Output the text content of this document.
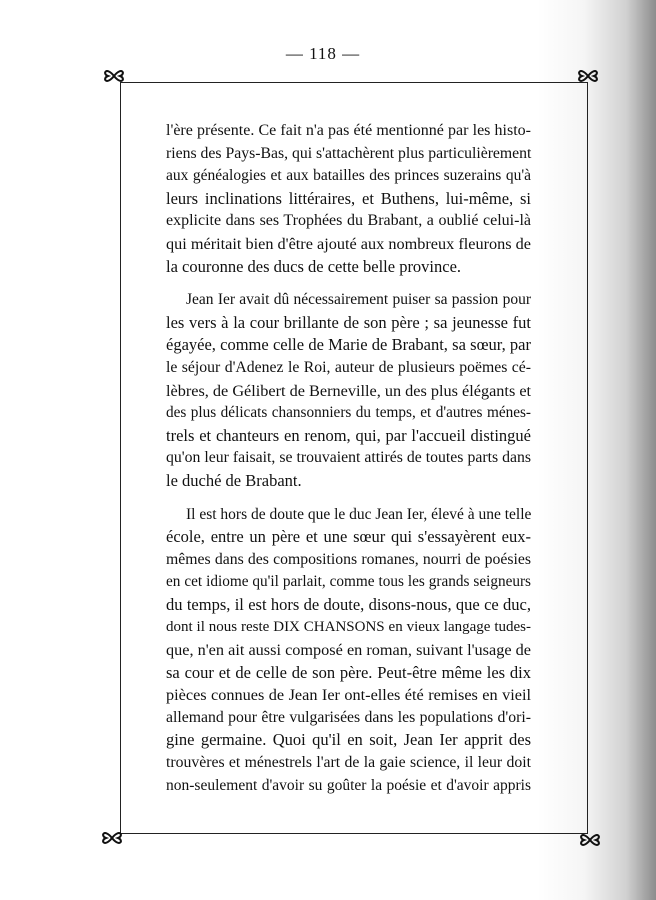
— 118 —
l'ère présente. Ce fait n'a pas été mentionné par les histo-
riens des Pays-Bas, qui s'attachèrent plus particulièrement
aux généalogies et aux batailles des princes suzerains qu'à
leurs inclinations littéraires, et Buthens, lui-même, si
explicite dans ses Trophées du Brabant, a oublié celui-là
qui méritait bien d'être ajouté aux nombreux fleurons de
la couronne des ducs de cette belle province.
Jean Ier avait dû nécessairement puiser sa passion pour
les vers à la cour brillante de son père ; sa jeunesse fut
égayée, comme celle de Marie de Brabant, sa sœur, par
le séjour d'Adenez le Roi, auteur de plusieurs poëmes cé-
lèbres, de Gélibert de Berneville, un des plus élégants et
des plus délicats chansonniers du temps, et d'autres ménes-
trels et chanteurs en renom, qui, par l'accueil distingué
qu'on leur faisait, se trouvaient attirés de toutes parts dans
le duché de Brabant.
Il est hors de doute que le duc Jean Ier, élevé à une telle
école, entre un père et une sœur qui s'essayèrent eux-
mêmes dans des compositions romanes, nourri de poésies
en cet idiome qu'il parlait, comme tous les grands seigneurs
du temps, il est hors de doute, disons-nous, que ce duc,
dont il nous reste DIX CHANSONS en vieux langage tudes-
que, n'en ait aussi composé en roman, suivant l'usage de
sa cour et de celle de son père. Peut-être même les dix
pièces connues de Jean Ier ont-elles été remises en vieil
allemand pour être vulgarisées dans les populations d'ori-
gine germaine. Quoi qu'il en soit, Jean Ier apprit des
trouvères et ménestrels l'art de la gaie science, il leur doit
non-seulement d'avoir su goûter la poésie et d'avoir appris
